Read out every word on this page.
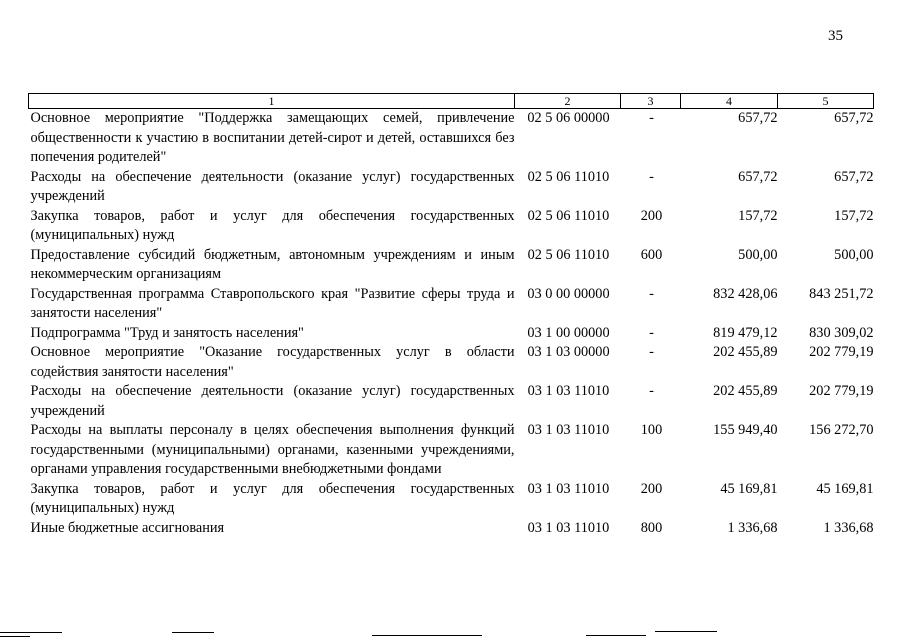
35
1	2	3	4	5
Основное мероприятие "Поддержка замещающих семей, привлечение общественности к участию в воспитании детей-сирот и детей, оставшихся без попечения родителей"	02 5 06 00000	-	657,72	657,72
Расходы на обеспечение деятельности (оказание услуг) государственных учреждений	02 5 06 11010	-	657,72	657,72
Закупка товаров, работ и услуг для обеспечения государственных (муниципальных) нужд	02 5 06 11010	200	157,72	157,72
Предоставление субсидий бюджетным, автономным учреждениям и иным некоммерческим организациям	02 5 06 11010	600	500,00	500,00
Государственная программа Ставропольского края "Развитие сферы труда и занятости населения"	03 0 00 00000	-	832 428,06	843 251,72
Подпрограмма "Труд и занятость населения"	03 1 00 00000	-	819 479,12	830 309,02
Основное мероприятие "Оказание государственных услуг в области содействия занятости населения"	03 1 03 00000	-	202 455,89	202 779,19
Расходы на обеспечение деятельности (оказание услуг) государственных учреждений	03 1 03 11010	-	202 455,89	202 779,19
Расходы на выплаты персоналу в целях обеспечения выполнения функций государственными (муниципальными) органами, казенными учреждениями, органами управления государственными внебюджетными фондами	03 1 03 11010	100	155 949,40	156 272,70
Закупка товаров, работ и услуг для обеспечения государственных (муниципальных) нужд	03 1 03 11010	200	45 169,81	45 169,81
Иные бюджетные ассигнования	03 1 03 11010	800	1 336,68	1 336,68
